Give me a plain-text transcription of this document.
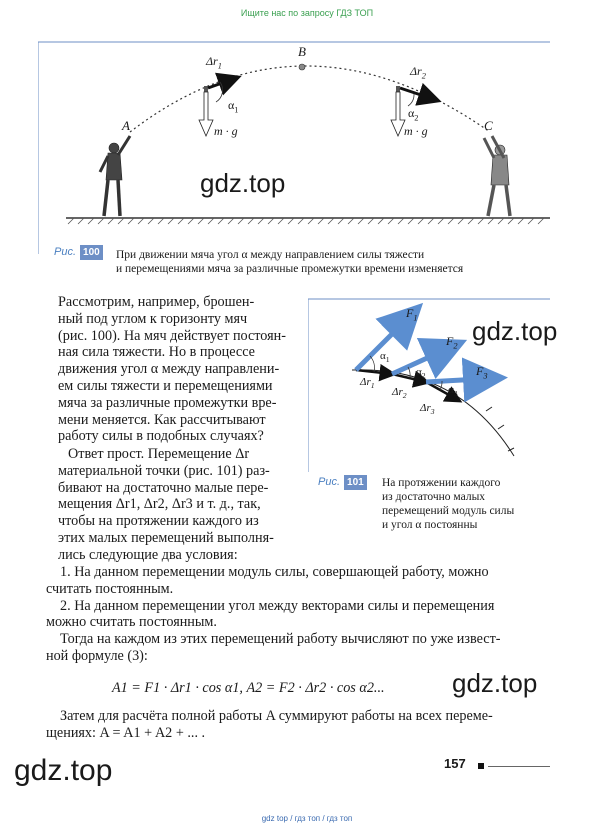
Ищите нас по запросу ГДЗ ТОП
A
B
C
$\Delta r_1$	$\Delta r_2$
$\alpha_1$	$\alpha_2$
m · g	m · g
Рис. 100 При движении мяча угол α между направлением силы тяжести
и перемещениями мяча за различные промежутки времени изменяется
$F_1$
$F_2$
$F_3$
$\alpha_1$
$\alpha_2$
$\alpha_3$
$\Delta r_1$
$\Delta r_2$
$\Delta r_3$
Рис. 101 На протяжении каждого
из достаточно малых
перемещений модуль силы
и угол α постоянны
Рассмотрим, например, брошен-
ный под углом к горизонту мяч
(рис. 100). На мяч действует постоян-
ная сила тяжести. Но в процессе
движения угол α между направлени-
ем силы тяжести и перемещениями
мяча за различные промежутки вре-
мени меняется. Как рассчитывают
работу силы в подобных случаях?
Ответ прост. Перемещение Δr
материальной точки (рис. 101) раз-
бивают на достаточно малые пере-
мещения Δr1, Δr2, Δr3 и т. д., так,
чтобы на протяжении каждого из
этих малых перемещений выполня-
лись следующие два условия:
1. На данном перемещении модуль силы, совершающей работу, можно
считать постоянным.
2. На данном перемещении угол между векторами силы и перемещения
можно считать постоянным.
Тогда на каждом из этих перемещений работу вычисляют по уже извест-
ной формуле (3):
A1 = F1 · Δr1 · cos α1, A2 = F2 · Δr2 · cos α2...
Затем для расчёта полной работы A суммируют работы на всех переме-
щениях: A = A1 + A2 + ... .
gdz.top
gdz.top
gdz.top
gdz.top	157
gdz top / гдз топ / гдз топ
